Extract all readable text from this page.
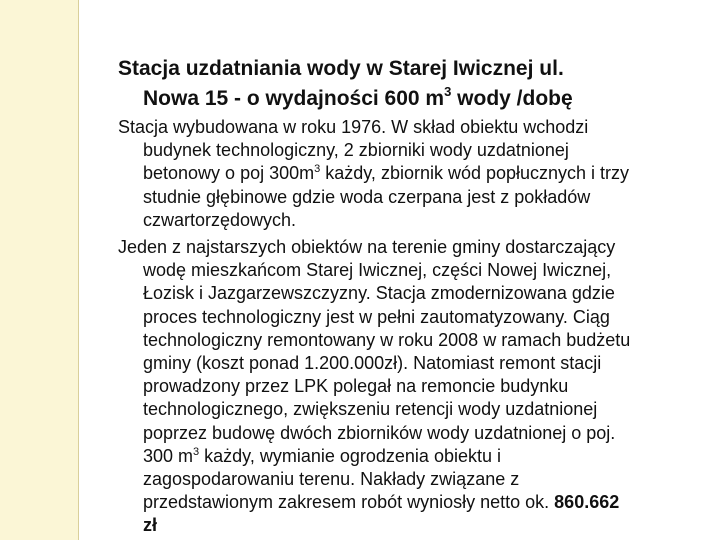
Stacja uzdatniania wody w Starej Iwicznej ul.
Nowa 15 - o wydajności 600 $m^3$ wody /dobę
Stacja wybudowana w roku 1976. W skład obiektu wchodzi
budynek technologiczny, 2 zbiorniki wody uzdatnionej
betonowy o poj $300m^3$ każdy, zbiornik wód popłucznych i trzy
studnie głębinowe gdzie woda czerpana jest z pokładów
czwartorzędowych.
Jeden z najstarszych obiektów na terenie gminy dostarczający
wodę mieszkańcom Starej Iwicznej, części Nowej Iwicznej,
Łozisk i Jazgarzewszczyzny. Stacja zmodernizowana gdzie
proces technologiczny jest w pełni zautomatyzowany. Ciąg
technologiczny remontowany w roku 2008 w ramach budżetu
gminy (koszt ponad 1.200.000zł). Natomiast remont stacji
prowadzony przez LPK polegał na remoncie budynku
technologicznego, zwiększeniu retencji wody uzdatnionej
poprzez budowę dwóch zbiorników wody uzdatnionej o poj.
300 $m^3$ każdy, wymianie ogrodzenia obiektu i
zagospodarowaniu terenu. Nakłady związane z
przedstawionym zakresem robót wyniosły netto ok. 860.662
zł
